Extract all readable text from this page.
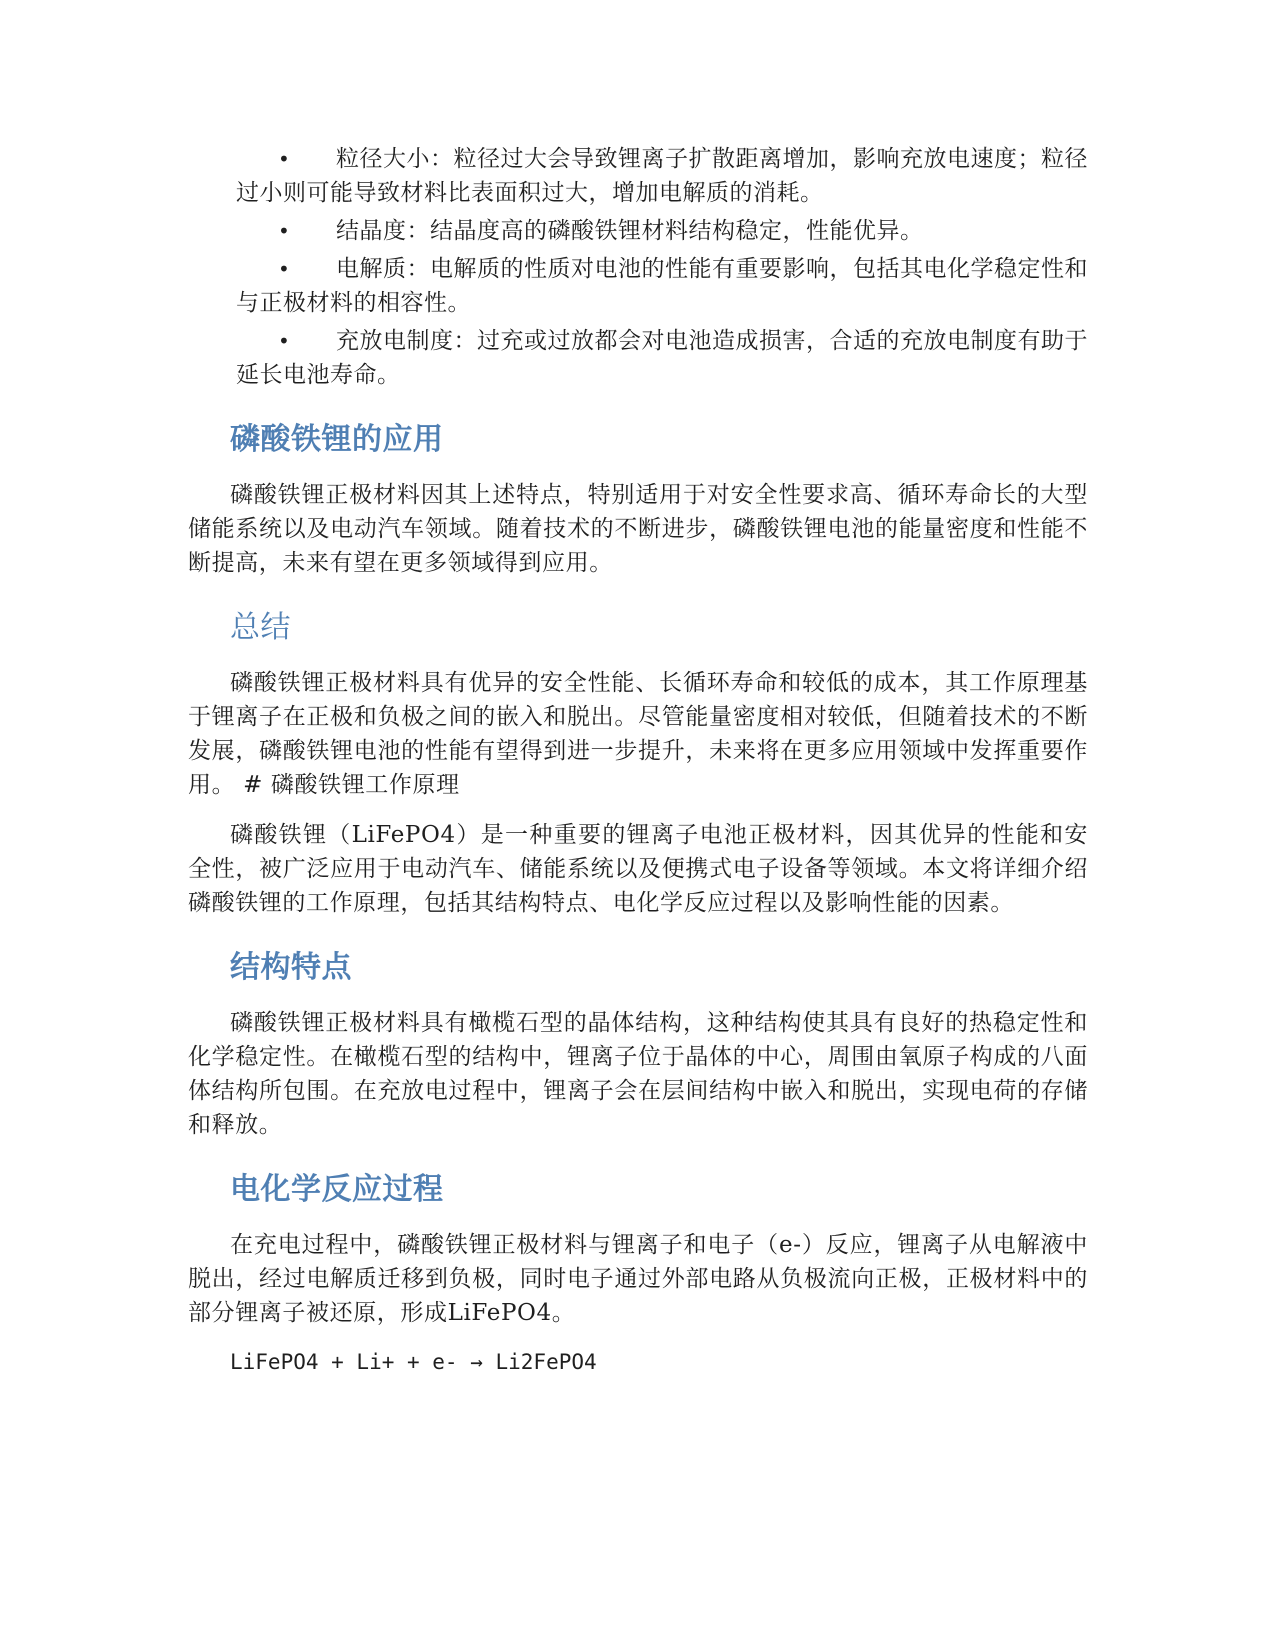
•	粒径大小：粒径过大会导致锂离子扩散距离增加，影响充放电速度；粒径过小则可能导致材料比表面积过大，增加电解质的消耗。
•	结晶度：结晶度高的磷酸铁锂材料结构稳定，性能优异。
•	电解质：电解质的性质对电池的性能有重要影响，包括其电化学稳定性和与正极材料的相容性。
•	充放电制度：过充或过放都会对电池造成损害，合适的充放电制度有助于延长电池寿命。
磷酸铁锂的应用

磷酸铁锂正极材料因其上述特点，特别适用于对安全性要求高、循环寿命长的大型储能系统以及电动汽车领域。随着技术的不断进步，磷酸铁锂电池的能量密度和性能不断提高，未来有望在更多领域得到应用。

总结

磷酸铁锂正极材料具有优异的安全性能、长循环寿命和较低的成本，其工作原理基于锂离子在正极和负极之间的嵌入和脱出。尽管能量密度相对较低，但随着技术的不断发展，磷酸铁锂电池的性能有望得到进一步提升，未来将在更多应用领域中发挥重要作用。 # 磷酸铁锂工作原理

磷酸铁锂（LiFePO4）是一种重要的锂离子电池正极材料，因其优异的性能和安全性，被广泛应用于电动汽车、储能系统以及便携式电子设备等领域。本文将详细介绍磷酸铁锂的工作原理，包括其结构特点、电化学反应过程以及影响性能的因素。

结构特点

磷酸铁锂正极材料具有橄榄石型的晶体结构，这种结构使其具有良好的热稳定性和化学稳定性。在橄榄石型的结构中，锂离子位于晶体的中心，周围由氧原子构成的八面体结构所包围。在充放电过程中，锂离子会在层间结构中嵌入和脱出，实现电荷的存储和释放。

电化学反应过程

在充电过程中，磷酸铁锂正极材料与锂离子和电子（e-）反应，锂离子从电解液中脱出，经过电解质迁移到负极，同时电子通过外部电路从负极流向正极，正极材料中的部分锂离子被还原，形成LiFePO4。

LiFePO4 + Li+ + e- → Li2FePO4
